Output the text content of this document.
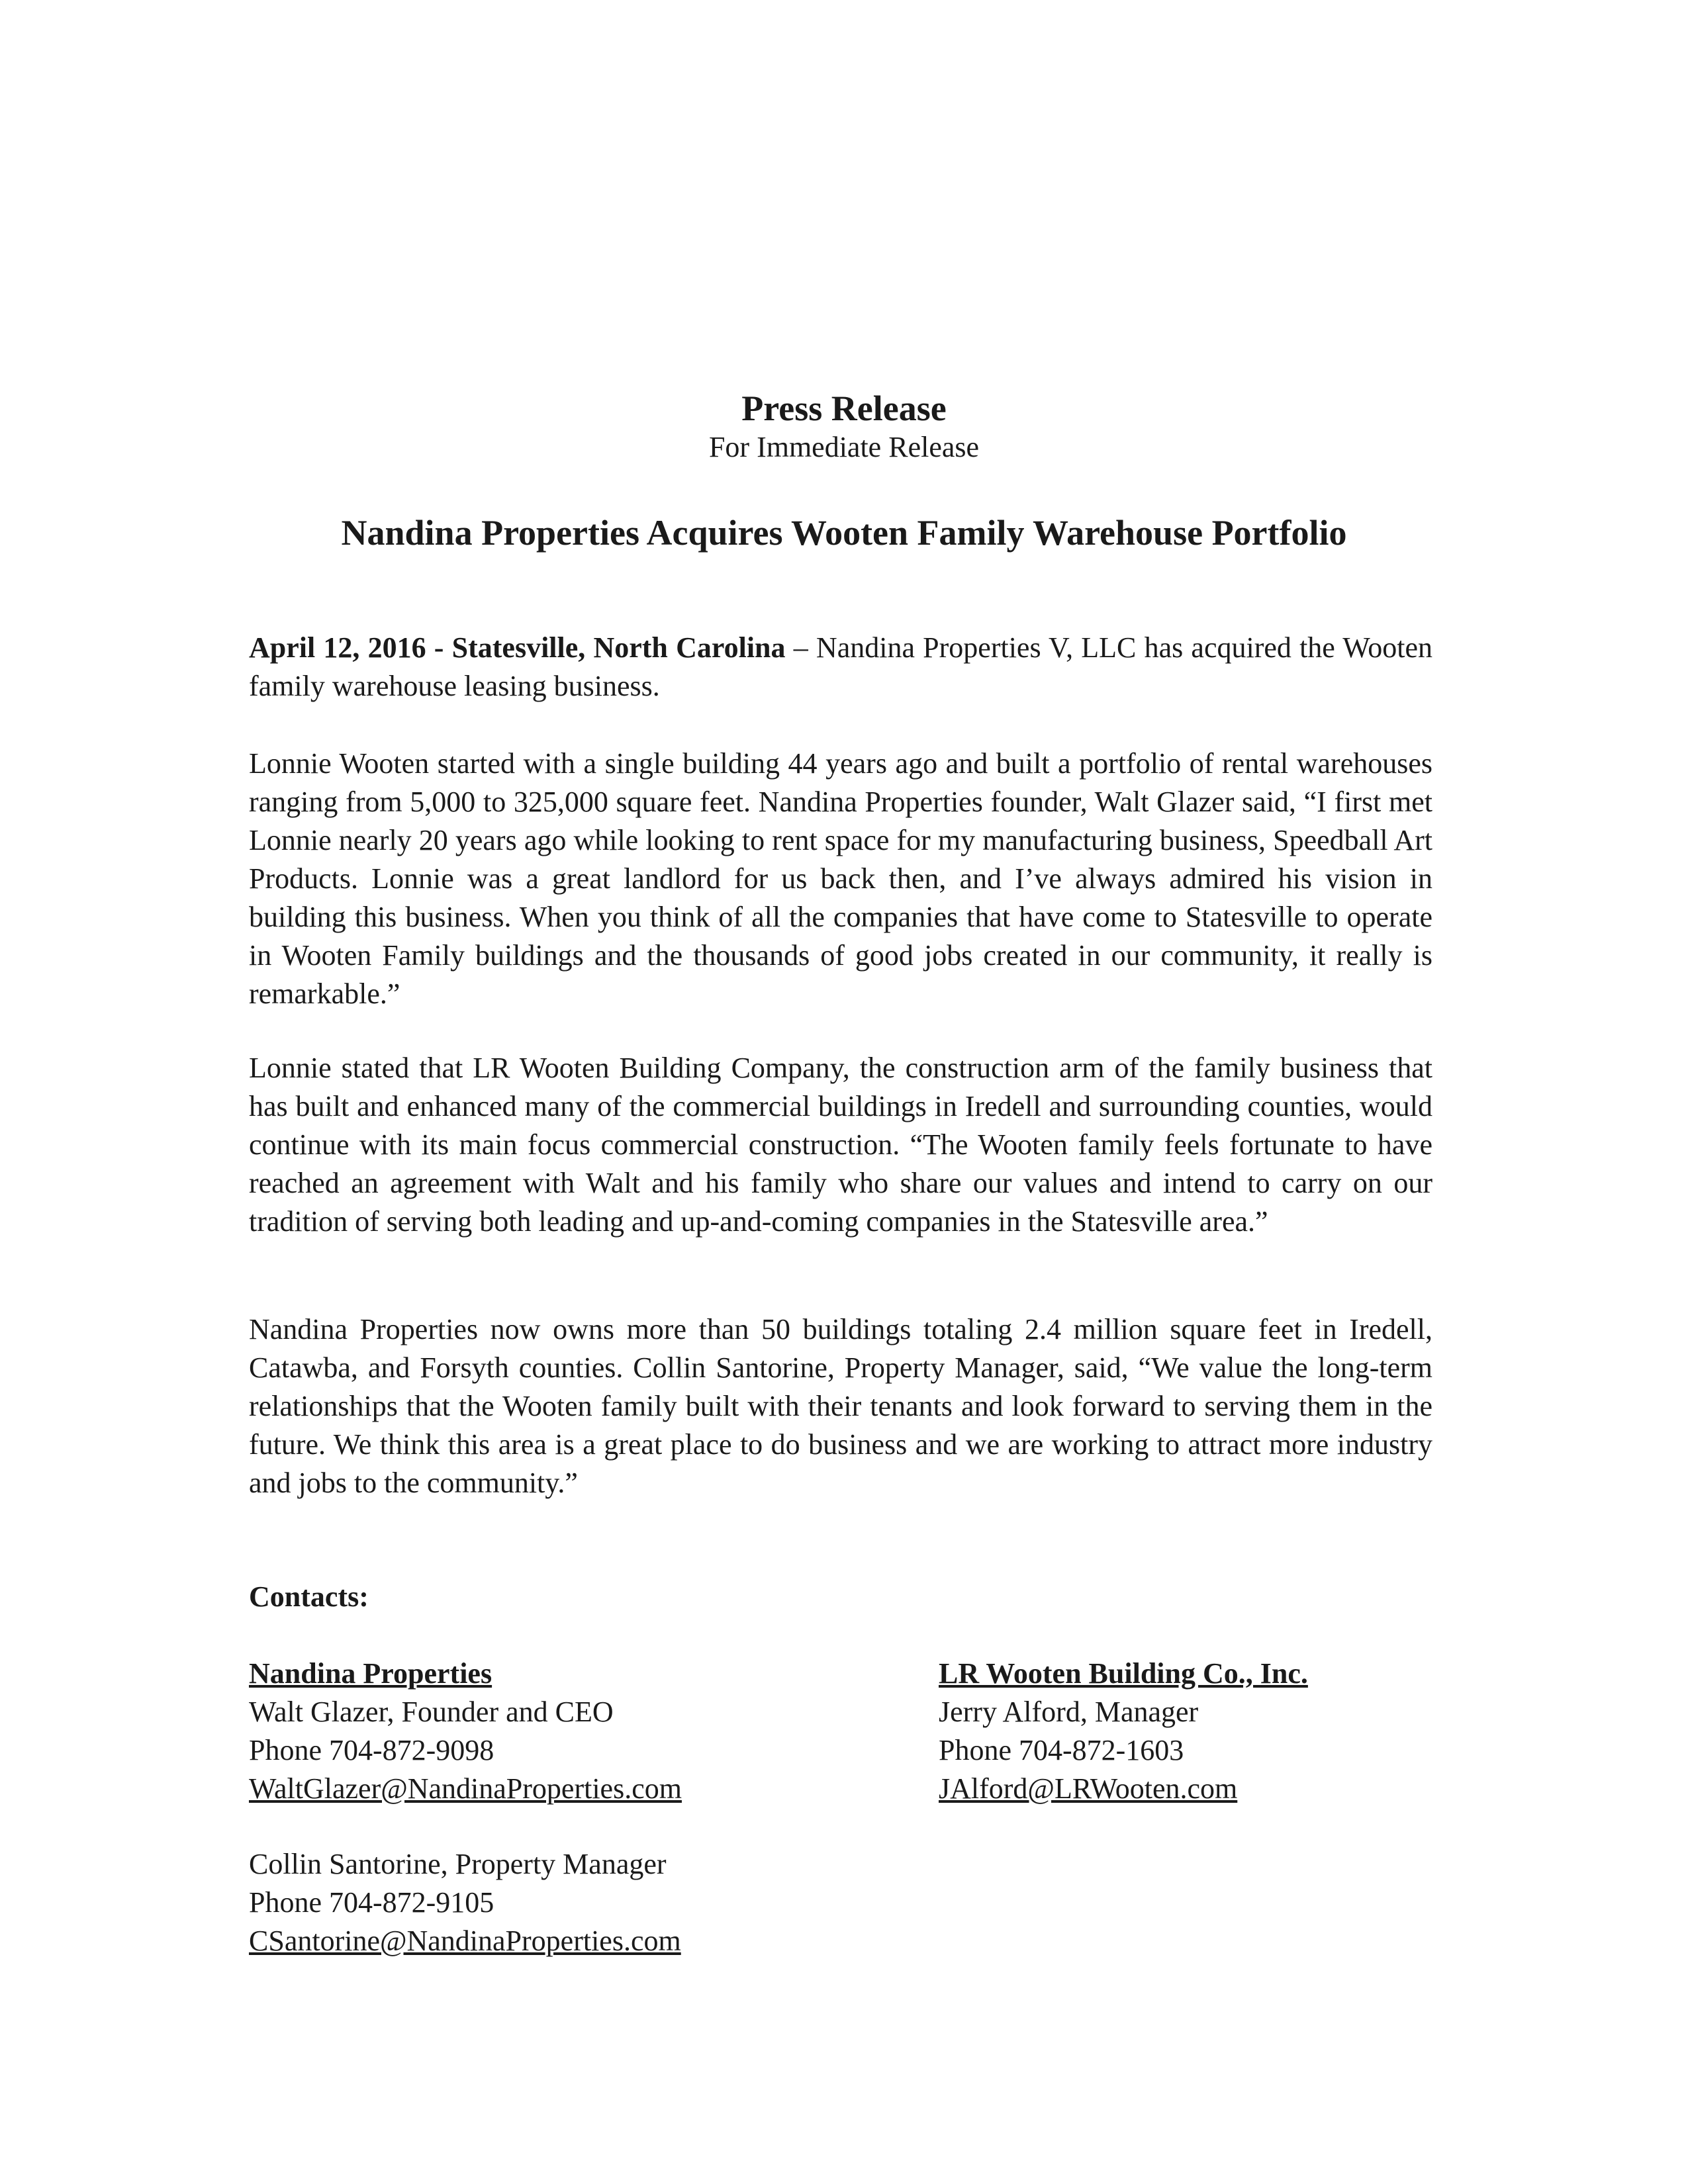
Press Release
For Immediate Release
Nandina Properties Acquires Wooten Family Warehouse Portfolio

April 12, 2016 - Statesville, North Carolina – Nandina Properties V, LLC has acquired the Wooten family warehouse leasing business.

Lonnie Wooten started with a single building 44 years ago and built a portfolio of rental warehouses ranging from 5,000 to 325,000 square feet. Nandina Properties founder, Walt Glazer said, “I first met Lonnie nearly 20 years ago while looking to rent space for my manufacturing business, Speedball Art Products. Lonnie was a great landlord for us back then, and I’ve always admired his vision in building this business. When you think of all the companies that have come to Statesville to operate in Wooten Family buildings and the thousands of good jobs created in our community, it really is remarkable.”

Lonnie stated that LR Wooten Building Company, the construction arm of the family business that has built and enhanced many of the commercial buildings in Iredell and surrounding counties, would continue with its main focus commercial construction. “The Wooten family feels fortunate to have reached an agreement with Walt and his family who share our values and intend to carry on our tradition of serving both leading and up-and-coming companies in the Statesville area.”

Nandina Properties now owns more than 50 buildings totaling 2.4 million square feet in Iredell, Catawba, and Forsyth counties. Collin Santorine, Property Manager, said, “We value the long-term relationships that the Wooten family built with their tenants and look forward to serving them in the future. We think this area is a great place to do business and we are working to attract more industry and jobs to the community.”

Contacts:
Nandina Properties
Walt Glazer, Founder and CEO
Phone 704-872-9098
WaltGlazer@NandinaProperties.com
Collin Santorine, Property Manager
Phone 704-872-9105
CSantorine@NandinaProperties.com
LR Wooten Building Co., Inc.
Jerry Alford, Manager
Phone 704-872-1603
JAlford@LRWooten.com
